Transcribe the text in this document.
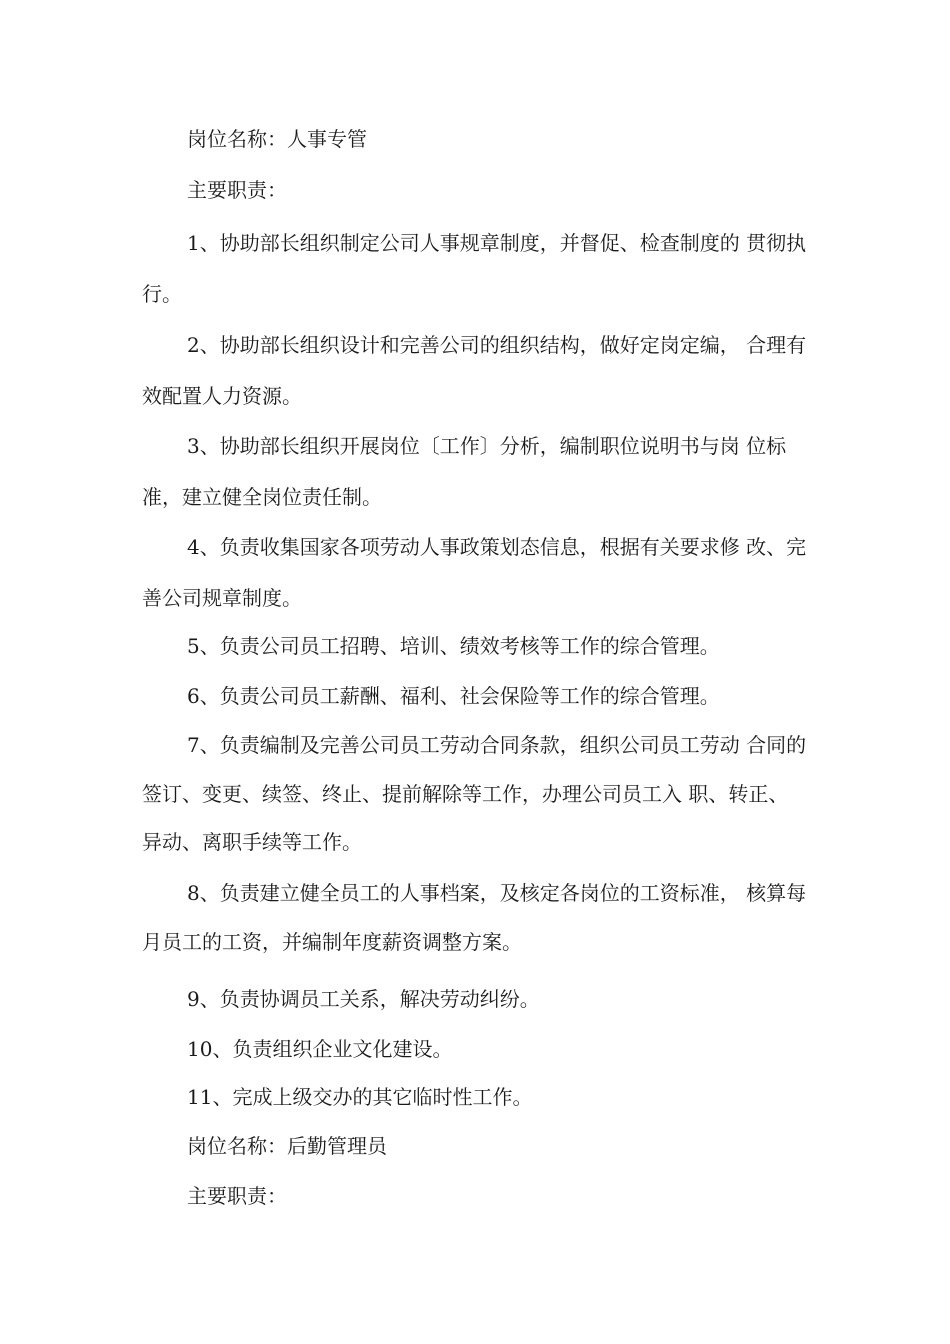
岗位名称：人事专管
主要职责：
1、协助部长组织制定公司人事规章制度，并督促、检查制度的 贯彻执
行。
2、协助部长组织设计和完善公司的组织结构，做好定岗定编， 合理有
效配置人力资源。
3、协助部长组织开展岗位〔工作〕分析，编制职位说明书与岗 位标
准，建立健全岗位责任制。
4、负责收集国家各项劳动人事政策划态信息，根据有关要求修 改、完
善公司规章制度。
5、负责公司员工招聘、培训、绩效考核等工作的综合管理。
6、负责公司员工薪酬、福利、社会保险等工作的综合管理。
7、负责编制及完善公司员工劳动合同条款，组织公司员工劳动 合同的
签订、变更、续签、终止、提前解除等工作，办理公司员工入 职、转正、
异动、离职手续等工作。
8、负责建立健全员工的人事档案，及核定各岗位的工资标准， 核算每
月员工的工资，并编制年度薪资调整方案。
9、负责协调员工关系，解决劳动纠纷。
10、负责组织企业文化建设。
11、完成上级交办的其它临时性工作。
岗位名称：后勤管理员
主要职责：
